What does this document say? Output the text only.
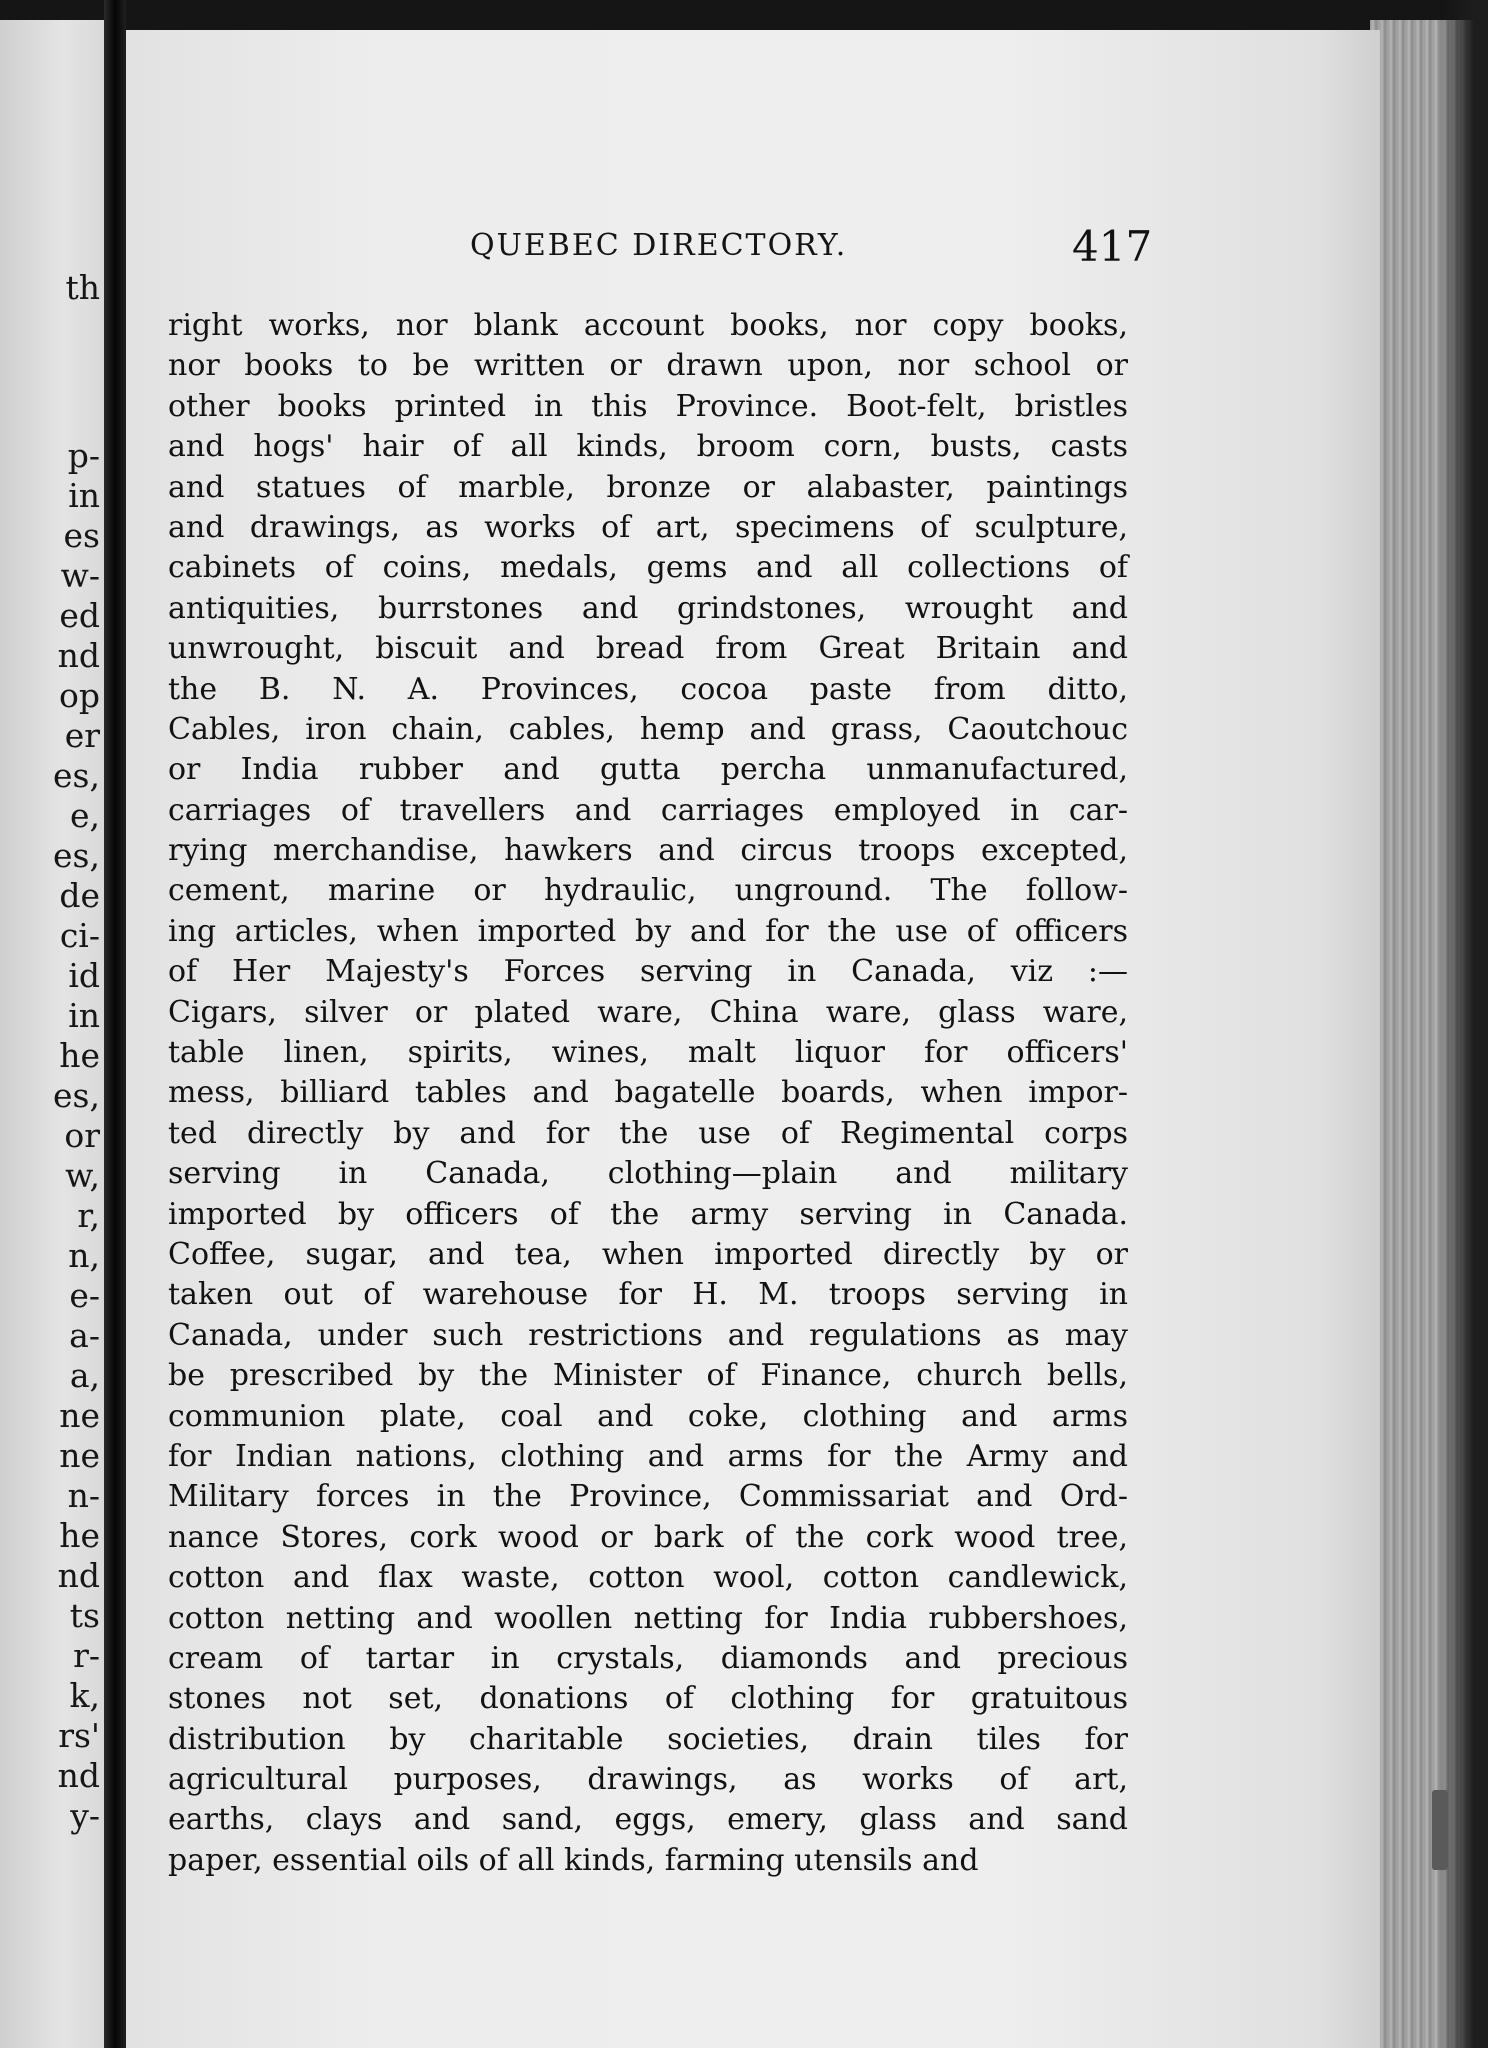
th
p-
in
es
w-
ed
nd
op
er
es,
e,
es,
de
ci-
id
in
he
es,
or
w,
r,
n,
e-
a-
a,
ne
ne
n-
he
nd
ts
r-
k,
rs'
nd
y-
QUEBEC DIRECTORY.	417
right works, nor blank account books, nor copy books,
nor books to be written or drawn upon, nor school or
other books printed in this Province. Boot-felt, bristles
and hogs' hair of all kinds, broom corn, busts, casts
and statues of marble, bronze or alabaster, paintings
and drawings, as works of art, specimens of sculpture,
cabinets of coins, medals, gems and all collections of
antiquities, burrstones and grindstones, wrought and
unwrought, biscuit and bread from Great Britain and
the B. N. A. Provinces, cocoa paste from ditto,
Cables, iron chain, cables, hemp and grass, Caoutchouc
or India rubber and gutta percha unmanufactured,
carriages of travellers and carriages employed in car-
rying merchandise, hawkers and circus troops excepted,
cement, marine or hydraulic, unground. The follow-
ing articles, when imported by and for the use of officers
of Her Majesty's Forces serving in Canada, viz :—
Cigars, silver or plated ware, China ware, glass ware,
table linen, spirits, wines, malt liquor for officers'
mess, billiard tables and bagatelle boards, when impor-
ted directly by and for the use of Regimental corps
serving in Canada, clothing—plain and military
imported by officers of the army serving in Canada.
Coffee, sugar, and tea, when imported directly by or
taken out of warehouse for H. M. troops serving in
Canada, under such restrictions and regulations as may
be prescribed by the Minister of Finance, church bells,
communion plate, coal and coke, clothing and arms
for Indian nations, clothing and arms for the Army and
Military forces in the Province, Commissariat and Ord-
nance Stores, cork wood or bark of the cork wood tree,
cotton and flax waste, cotton wool, cotton candlewick,
cotton netting and woollen netting for India rubbershoes,
cream of tartar in crystals, diamonds and precious
stones not set, donations of clothing for gratuitous
distribution by charitable societies, drain tiles for
agricultural purposes, drawings, as works of art,
earths, clays and sand, eggs, emery, glass and sand
paper, essential oils of all kinds, farming utensils and
